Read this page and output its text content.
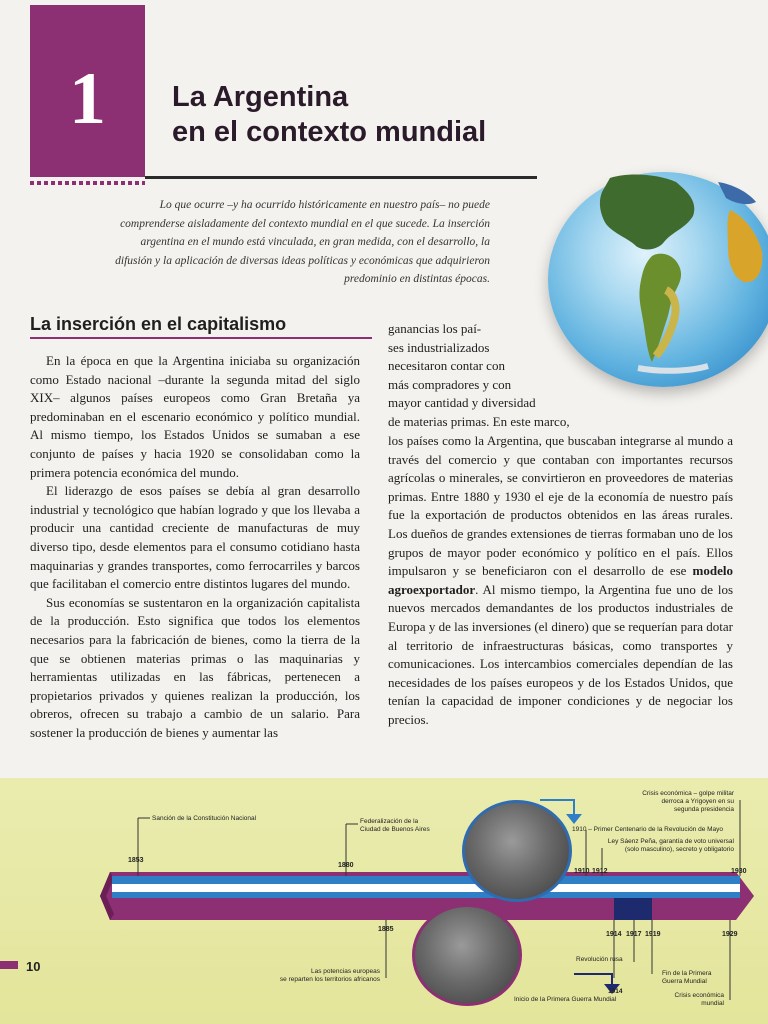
1	La Argentina
en el contexto mundial

Lo que ocurre –y ha ocurrido históricamente en nuestro país– no puede
comprenderse aisladamente del contexto mundial en el que sucede. La inserción
argentina en el mundo está vinculada, en gran medida, con el desarrollo, la
difusión y la aplicación de diversas ideas políticas y económicas que adquirieron
predominio en distintas épocas.

La inserción en el capitalismo

En la época en que la Argentina iniciaba su organización como Estado nacional –durante la segunda mitad del siglo XIX– algunos países europeos como Gran Bretaña ya predominaban en el escenario económico y político mundial. Al mismo tiempo, los Estados Unidos se sumaban a ese conjunto de países y hacia 1920 se consolidaban como la primera potencia económica del mundo.

El liderazgo de esos países se debía al gran desarrollo industrial y tecnológico que habían logrado y que los llevaba a producir una cantidad creciente de manufacturas de muy diverso tipo, desde elementos para el consumo cotidiano hasta maquinarias y grandes transportes, como ferrocarriles y barcos que facilitaban el comercio entre distintos lugares del mundo.

Sus economías se sustentaron en la organización capitalista de la producción. Esto significa que todos los elementos necesarios para la fabricación de bienes, como la tierra de la que se obtienen materias primas o las maquinarias y herramientas utilizadas en las fábricas, pertenecen a propietarios privados y quienes realizan la producción, los obreros, ofrecen su trabajo a cambio de un salario. Para sostener la producción de bienes y aumentar las

ganancias los paí-
ses industrializados
necesitaron contar con
más compradores y con
mayor cantidad y diversidad
de materias primas. En este marco,

los países como la Argentina, que buscaban integrarse al mundo a través del comercio y que contaban con importantes recursos agrícolas o minerales, se convirtieron en proveedores de materias primas. Entre 1880 y 1930 el eje de la economía de nuestro país fue la exportación de productos obtenidos en las áreas rurales. Los dueños de grandes extensiones de tierras formaban uno de los grupos de mayor poder económico y político en el país. Ellos impulsaron y se beneficiaron con el desarrollo de ese modelo agroexportador. Al mismo tiempo, la Argentina fue uno de los nuevos mercados demandantes de los productos industriales de Europa y de las inversiones (el dinero) que se requerían para dotar al territorio de infraestructuras básicas, como transportes y comunicaciones. Los intercambios comerciales dependían de las necesidades de los países europeos y de los Estados Unidos, que tenían la capacidad de imponer condiciones y de negociar los precios.

1853
1880
1910 1912	1930
1885
1914 1917 1919	1929
Sanción de la Constitución Nacional	Federalización de la
Ciudad de Buenos Aires
Las potencias europeas
se reparten los territorios africanos
1910 – Primer Centenario de la Revolución de Mayo
Ley Sáenz Peña, garantía de voto universal
(solo masculino), secreto y obligatorio
Crisis económica – golpe militar
derroca a Yrigoyen en su
segunda presidencia
Revolución rusa
Fin de la Primera
Guerra Mundial
1914
Inicio de la Primera Guerra Mundial
Crisis económica
mundial
10
